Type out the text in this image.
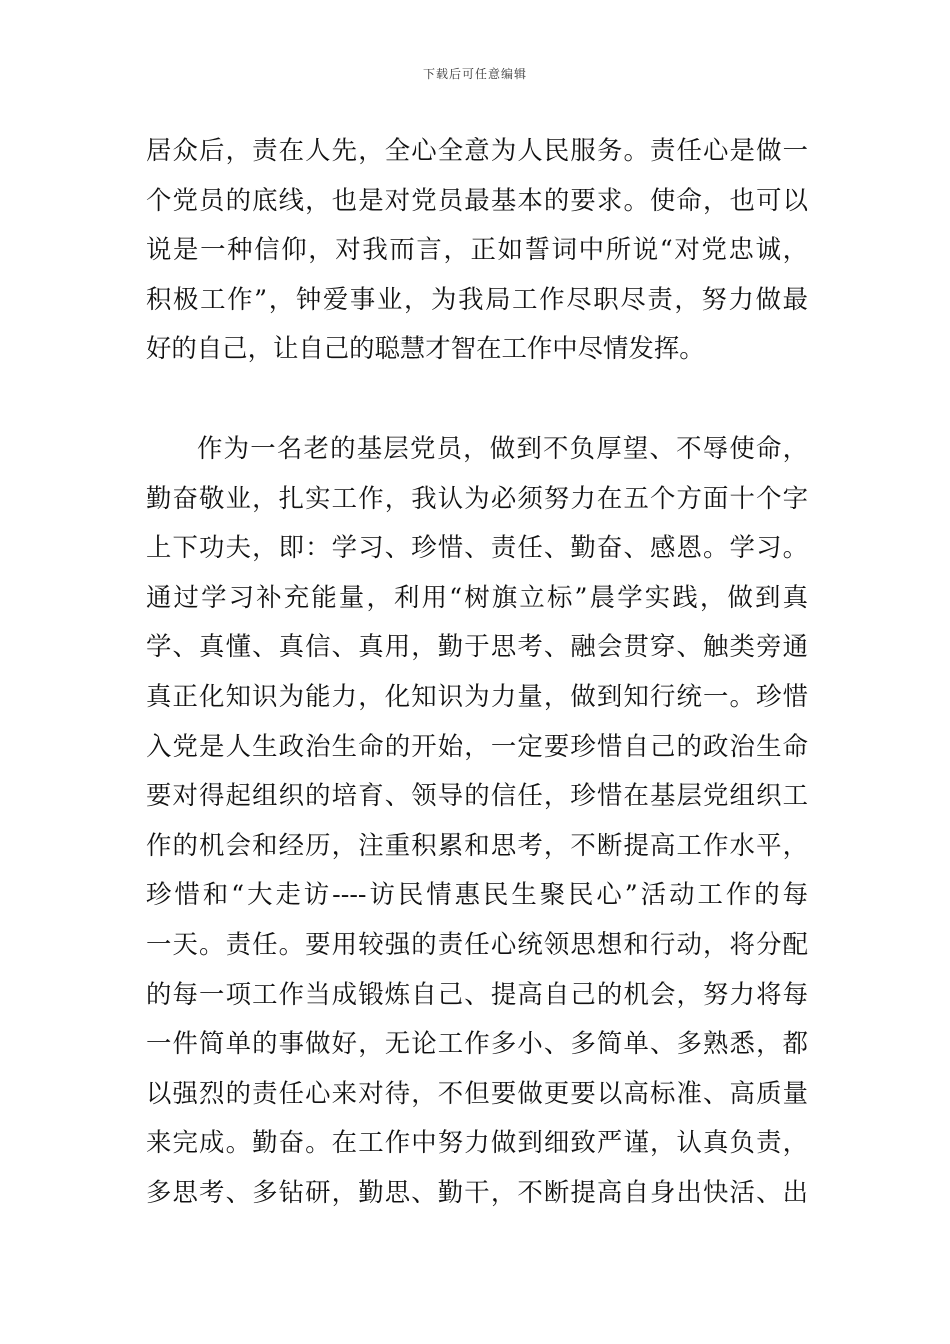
下载后可任意编辑
居众后，责在人先，全心全意为人民服务。责任心是做一
个党员的底线，也是对党员最基本的要求。使命，也可以
说是一种信仰，对我而言，正如誓词中所说“对党忠诚，
积极工作”，钟爱事业，为我局工作尽职尽责，努力做最
好的自己，让自己的聪慧才智在工作中尽情发挥。
作为一名老的基层党员，做到不负厚望、不辱使命，
勤奋敬业，扎实工作，我认为必须努力在五个方面十个字
上下功夫，即：学习、珍惜、责任、勤奋、感恩。学习。
通过学习补充能量，利用“树旗立标”晨学实践，做到真
学、真懂、真信、真用，勤于思考、融会贯穿、触类旁通
真正化知识为能力，化知识为力量，做到知行统一。珍惜
入党是人生政治生命的开始，一定要珍惜自己的政治生命
要对得起组织的培育、领导的信任，珍惜在基层党组织工
作的机会和经历，注重积累和思考，不断提高工作水平，
珍惜和“大走访----访民情惠民生聚民心”活动工作的每
一天。责任。要用较强的责任心统领思想和行动，将分配
的每一项工作当成锻炼自己、提高自己的机会，努力将每
一件简单的事做好，无论工作多小、多简单、多熟悉，都
以强烈的责任心来对待，不但要做更要以高标准、高质量
来完成。勤奋。在工作中努力做到细致严谨，认真负责，
多思考、多钻研，勤思、勤干，不断提高自身出快活、出
